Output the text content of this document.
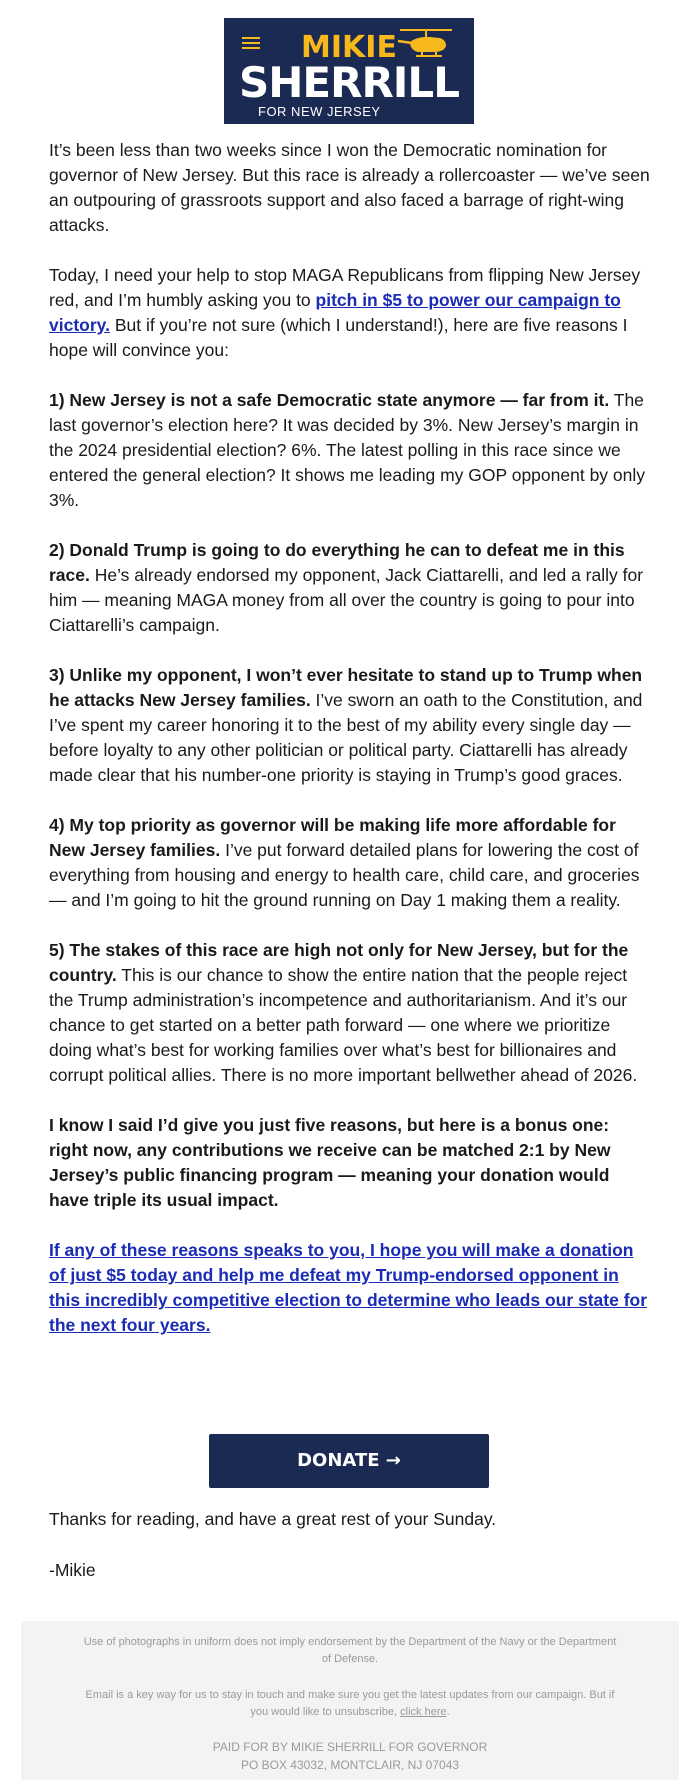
MIKIE
SHERRILL
FOR NEW JERSEY

It’s been less than two weeks since I won the Democratic nomination for governor of New Jersey. But this race is already a rollercoaster — we’ve seen an outpouring of grassroots support and also faced a barrage of right-wing attacks.

Today, I need your help to stop MAGA Republicans from flipping New Jersey red, and I’m humbly asking you to pitch in $5 to power our campaign to victory. But if you’re not sure (which I understand!), here are five reasons I hope will convince you:

1) New Jersey is not a safe Democratic state anymore — far from it. The last governor’s election here? It was decided by 3%. New Jersey’s margin in the 2024 presidential election? 6%. The latest polling in this race since we entered the general election? It shows me leading my GOP opponent by only 3%.

2) Donald Trump is going to do everything he can to defeat me in this race. He’s already endorsed my opponent, Jack Ciattarelli, and led a rally for him — meaning MAGA money from all over the country is going to pour into Ciattarelli’s campaign.

3) Unlike my opponent, I won’t ever hesitate to stand up to Trump when he attacks New Jersey families. I’ve sworn an oath to the Constitution, and I’ve spent my career honoring it to the best of my ability every single day — before loyalty to any other politician or political party. Ciattarelli has already made clear that his number-one priority is staying in Trump’s good graces.

4) My top priority as governor will be making life more affordable for New Jersey families. I’ve put forward detailed plans for lowering the cost of everything from housing and energy to health care, child care, and groceries — and I’m going to hit the ground running on Day 1 making them a reality.

5) The stakes of this race are high not only for New Jersey, but for the country. This is our chance to show the entire nation that the people reject the Trump administration’s incompetence and authoritarianism. And it’s our chance to get started on a better path forward — one where we prioritize doing what’s best for working families over what’s best for billionaires and corrupt political allies. There is no more important bellwether ahead of 2026.

I know I said I’d give you just five reasons, but here is a bonus one: right now, any contributions we receive can be matched 2:1 by New Jersey’s public financing program — meaning your donation would have triple its usual impact.

If any of these reasons speaks to you, I hope you will make a donation of just $5 today and help me defeat my Trump-endorsed opponent in this incredibly competitive election to determine who leads our state for the next four years.

DONATE →

Thanks for reading, and have a great rest of your Sunday.

-Mikie

Use of photographs in uniform does not imply endorsement by the Department of the Navy or the Department of Defense.
Email is a key way for us to stay in touch and make sure you get the latest updates from our campaign. But if you would like to unsubscribe, click here.
PAID FOR BY MIKIE SHERRILL FOR GOVERNOR
PO BOX 43032, MONTCLAIR, NJ 07043
